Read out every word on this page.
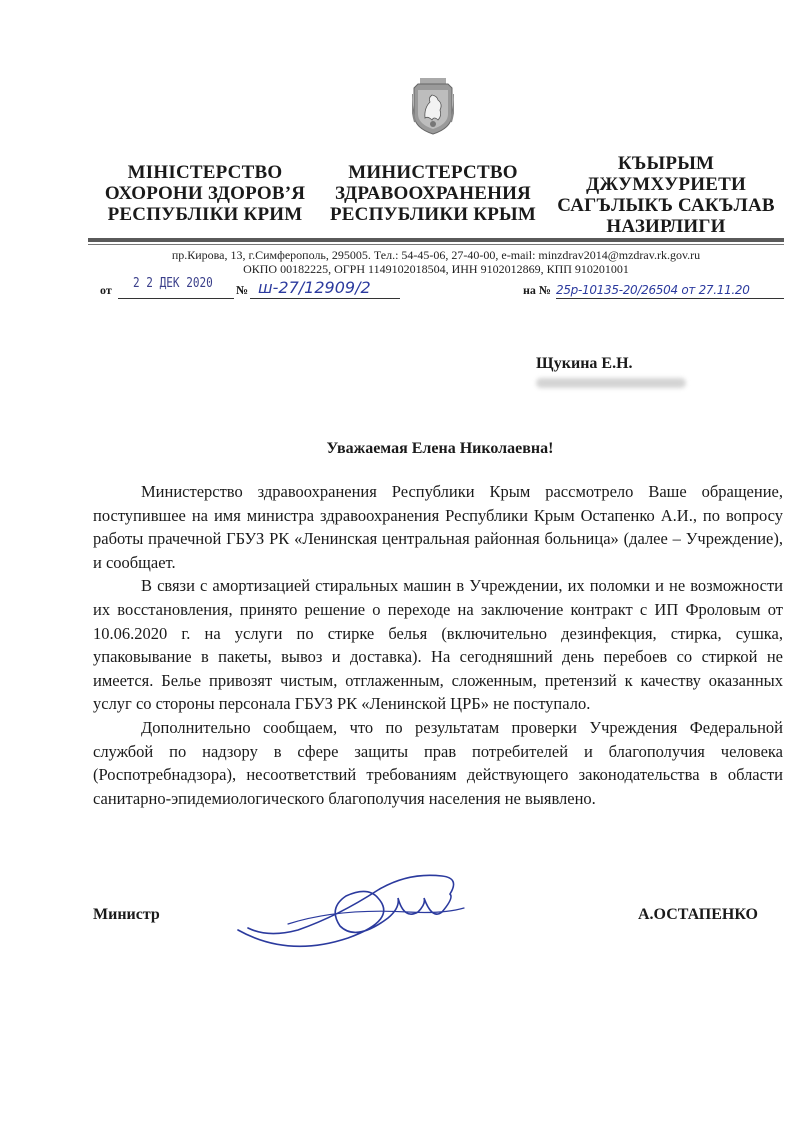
МІНІСТЕРСТВО
ОХОРОНИ ЗДОРОВ’Я
РЕСПУБЛІКИ КРИМ
МИНИСТЕРСТВО
ЗДРАВООХРАНЕНИЯ
РЕСПУБЛИКИ КРЫМ
КЪЫРЫМ
ДЖУМХУРИЕТИ
САГЪЛЫКЪ САКЪЛАВ
НАЗИРЛИГИ
пр.Кирова, 13, г.Симферополь, 295005. Тел.: 54-45-06, 27-40-00, e-mail: minzdrav2014@mzdrav.rk.gov.ru
ОКПО 00182225, ОГРН 1149102018504, ИНН 9102012869, КПП 910201001
от 2 2 ДЕК 2020 № ш-27/12909/2	на № 25р-10135-20/26504 от 27.11.20
Щукина Е.Н.
Уважаемая Елена Николаевна!

Министерство здравоохранения Республики Крым рассмотрело Ваше обращение, поступившее на имя министра здравоохранения Республики Крым Остапенко А.И., по вопросу работы прачечной ГБУЗ РК «Ленинская центральная районная больница» (далее – Учреждение), и сообщает.

В связи с амортизацией стиральных машин в Учреждении, их поломки и не возможности их восстановления, принято решение о переходе на заключение контракт с ИП Фроловым от 10.06.2020 г. на услуги по стирке белья (включительно дезинфекция, стирка, сушка, упаковывание в пакеты, вывоз и доставка). На сегодняшний день перебоев со стиркой не имеется. Белье привозят чистым, отглаженным, сложенным, претензий к качеству оказанных услуг со стороны персонала ГБУЗ РК «Ленинской ЦРБ» не поступало.

Дополнительно сообщаем, что по результатам проверки Учреждения Федеральной службой по надзору в сфере защиты прав потребителей и благополучия человека (Роспотребнадзора), несоответствий требованиям действующего законодательства в области санитарно-эпидемиологического благополучия населения не выявлено.

Министр	А.ОСТАПЕНКО
